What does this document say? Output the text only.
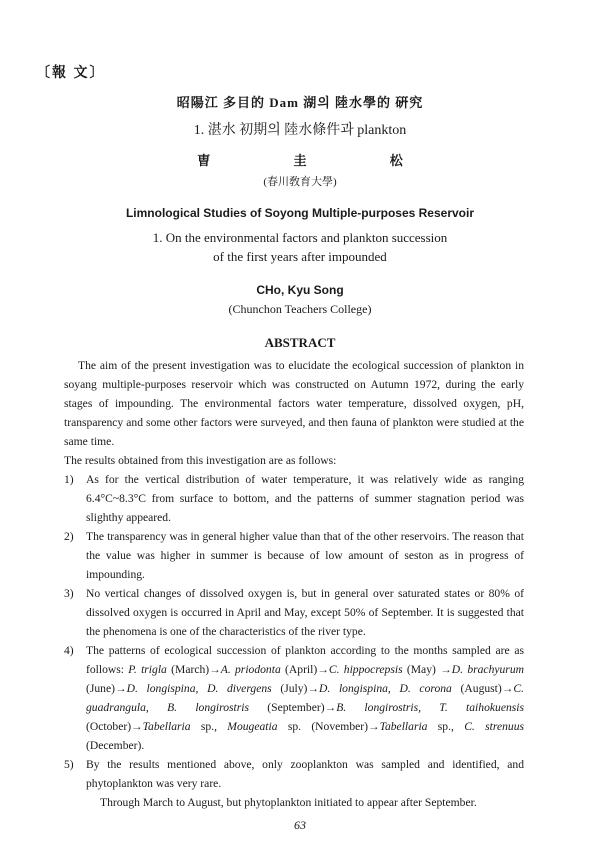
〔報 文〕
昭陽江 多目的 Dam 湖의 陸水學的 硏究
1. 湛水 初期의 陸水條件과 plankton
曺 圭 松
(春川敎育大學)
Limnological Studies of Soyong Multiple-purposes Reservoir
1. On the environmental factors and plankton succession
of the first years after impounded
CHo, Kyu Song
(Chunchon Teachers College)
ABSTRACT

The aim of the present investigation was to elucidate the ecological succession of plankton in soyang multiple-purposes reservoir which was constructed on Autumn 1972, during the early stages of impounding. The environmental factors water temperature, dissolved oxygen, pH, transparency and some other factors were surveyed, and then fauna of plankton were studied at the same time.

The results obtained from this investigation are as follows:

1) As for the vertical distribution of water temperature, it was relatively wide as ranging 6.4°C~8.3°C from surface to bottom, and the patterns of summer stagnation period was slighthy appeared.
2) The transparency was in general higher value than that of the other reservoirs. The reason that the value was higher in summer is because of low amount of seston as in progress of impounding.
3) No vertical changes of dissolved oxygen is, but in general over saturated states or 80% of dissolved oxygen is occurred in April and May, except 50% of September. It is suggested that the phenomena is one of the characteristics of the river type.
4) The patterns of ecological succession of plankton according to the months sampled are as follows: P. trigla (March)→A. priodonta (April)→C. hippocrepsis (May) →D. brachyurum (June)→D. longispina, D. divergens (July)→D. longispina, D. corona (August)→C. guadrangula, B. longirostris (September)→B. longirostris, T. taihokuensis (October)→Tabellaria sp., Mougeatia sp. (November)→Tabellaria sp., C. strenuus (December).
5) By the results mentioned above, only zooplankton was sampled and identified, and phytoplankton was very rare.

Through March to August, but phytoplankton initiated to appear after September.

63
